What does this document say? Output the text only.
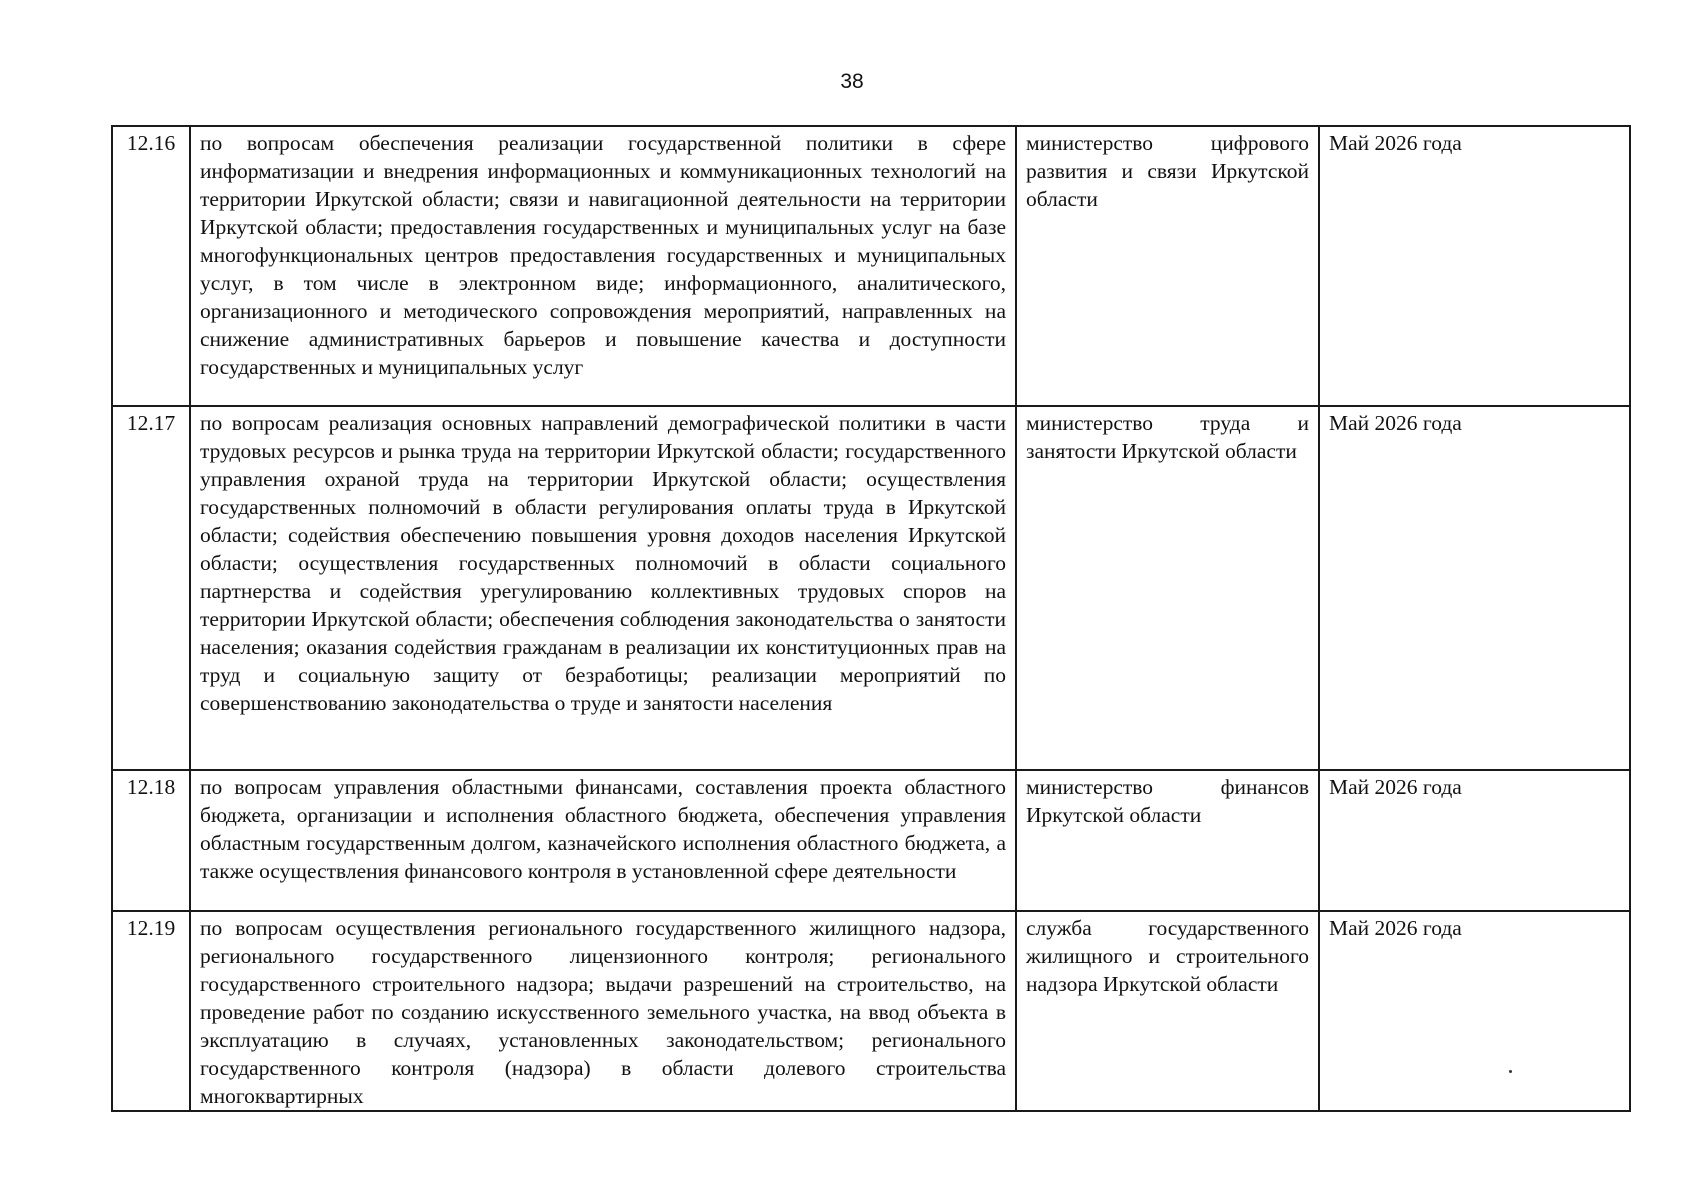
38
12.16	по вопросам обеспечения реализации государственной политики в сфере информатизации и внедрения информационных и коммуникационных технологий на территории Иркутской области; связи и навигационной деятельности на территории Иркутской области; предоставления государственных и муниципальных услуг на базе многофункциональных центров предоставления государственных и муниципальных услуг, в том числе в электронном виде; информационного, аналитического, организационного и методического сопровождения мероприятий, направленных на снижение административных барьеров и повышение качества и доступности государственных и муниципальных услуг	министерство цифрового развития и связи Иркутской области	Май 2026 года
12.17	по вопросам реализация основных направлений демографической политики в части трудовых ресурсов и рынка труда на территории Иркутской области; государственного управления охраной труда на территории Иркутской области; осуществления государственных полномочий в области регулирования оплаты труда в Иркутской области; содействия обеспечению повышения уровня доходов населения Иркутской области; осуществления государственных полномочий в области социального партнерства и содействия урегулированию коллективных трудовых споров на территории Иркутской области; обеспечения соблюдения законодательства о занятости населения; оказания содействия гражданам в реализации их конституционных прав на труд и социальную защиту от безработицы; реализации мероприятий по совершенствованию законодательства о труде и занятости населения	министерство труда и занятости Иркутской области	Май 2026 года
12.18	по вопросам управления областными финансами, составления проекта областного бюджета, организации и исполнения областного бюджета, обеспечения управления областным государственным долгом, казначейского исполнения областного бюджета, а также осуществления финансового контроля в установленной сфере деятельности	министерство финансов Иркутской области	Май 2026 года
12.19	по вопросам осуществления регионального государственного жилищного надзора, регионального государственного лицензионного контроля; регионального государственного строительного надзора; выдачи разрешений на строительство, на проведение работ по созданию искусственного земельного участка, на ввод объекта в эксплуатацию в случаях, установленных законодательством; регионального государственного контроля (надзора) в области долевого строительства многоквартирных	служба государственного жилищного и строительного надзора Иркутской области	Май 2026 года
